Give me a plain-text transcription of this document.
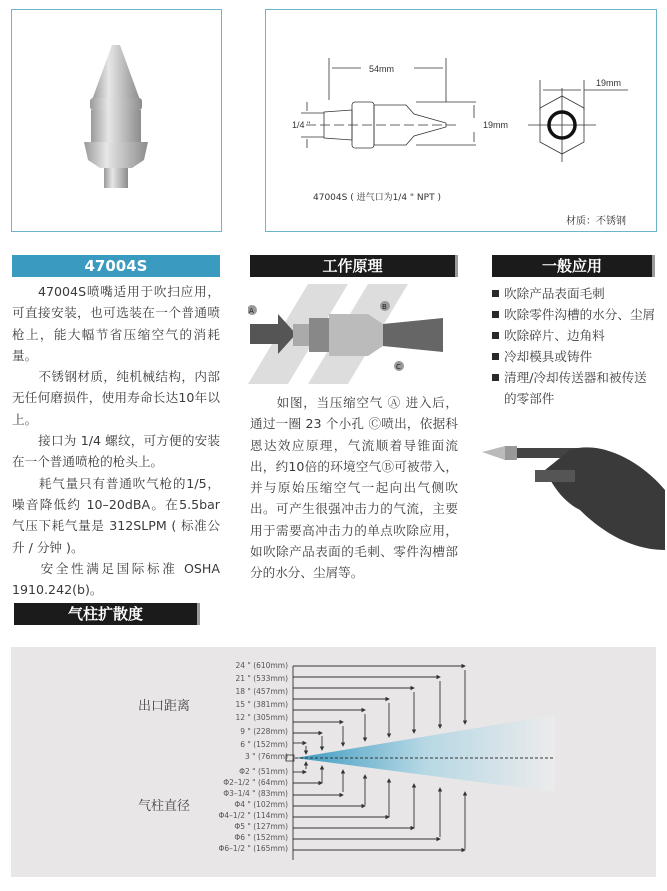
54mm
1/4 "	19mm
19mm
47004S ( 进气口为1/4 " NPT )
材质：不锈钢
47004S

47004S喷嘴适用于吹扫应用，可直接安装，也可选装在一个普通喷枪上，能大幅节省压缩空气的消耗量。

不锈钢材质，纯机械结构，内部无任何磨损件，使用寿命长达10年以上。

接口为 1/4 螺纹，可方便的安装在一个普通喷枪的枪头上。

耗气量只有普通吹气枪的1/5，噪音降低约 10–20dBA。在5.5bar 气压下耗气量是 312SLPM ( 标准公升 / 分钟 )。

安全性满足国际标准 OSHA 1910.242(b)。

工作原理
A	B
C

如图，当压缩空气 Ⓐ 进入后，通过一圈 23 个小孔 Ⓒ喷出，依据科恩达效应原理，气流顺着导锥面流出，约10倍的环境空气Ⓑ可被带入，并与原始压缩空气一起向出气侧吹出。可产生很强冲击力的气流，主要用于需要高冲击力的单点吹除应用，如吹除产品表面的毛刺、零件沟槽部分的水分、尘屑等。

一般应用
吹除产品表面毛刺
吹除零件沟槽的水分、尘屑
吹除碎片、边角料
冷却模具或铸件
清理/冷却传送器和被传送的零部件
气柱扩散度
出口距离
气柱直径
24 " (610mm)
21 " (533mm)
18 " (457mm)
15 " (381mm)
12 " (305mm)
9 " (228mm)
6 " (152mm)
3 " (76mm)
Φ2 " (51mm)
Φ2–1/2 " (64mm)
Φ3–1/4 " (83mm)
Φ4 " (102mm)
Φ4–1/2 " (114mm)
Φ5 " (127mm)
Φ6 " (152mm)
Φ6–1/2 " (165mm)
